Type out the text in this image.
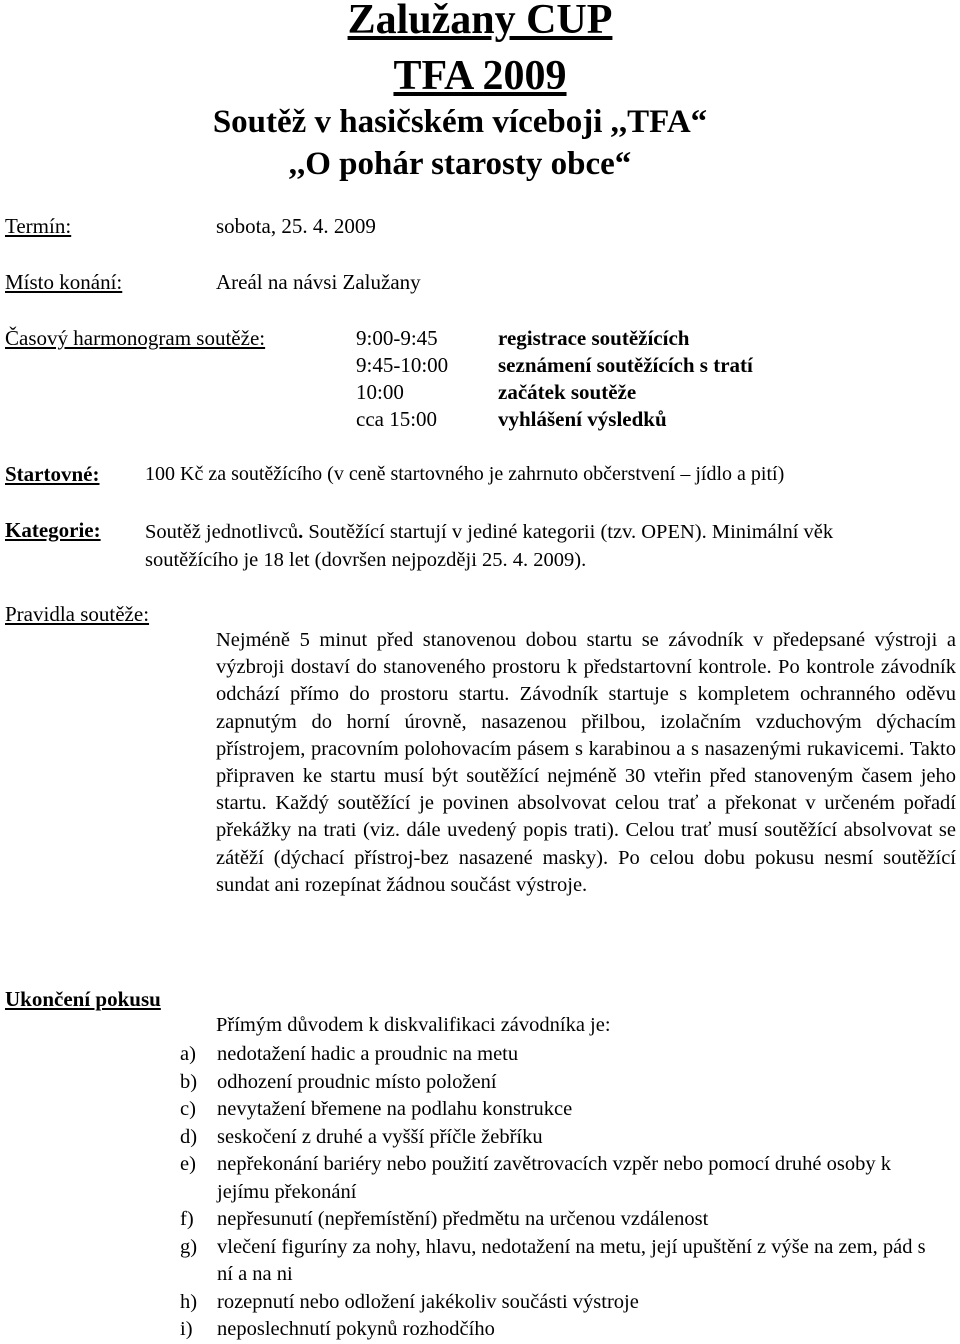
Zalužany CUP
TFA 2009
Soutěž v hasičském víceboji ,,TFA“
,,O pohár starosty obce“
Termín:	sobota, 25. 4. 2009
Místo konání:	Areál na návsi Zalužany
Časový harmonogram soutěže:	9:00-9:45	registrace soutěžících
9:45-10:00 seznámení soutěžících s tratí
10:00	začátek soutěže
cca 15:00	vyhlášení výsledků
Startovné: 100 Kč za soutěžícího (v ceně startovného je zahrnuto občerstvení – jídlo a pití)
Kategorie: Soutěž jednotlivců. Soutěžící startují v jediné kategorii (tzv. OPEN). Minimální věk soutěžícího je 18 let (dovršen nejpozději 25. 4. 2009).
Pravidla soutěže:
Nejméně 5 minut před stanovenou dobou startu se závodník v předepsané výstroji a výzbroji dostaví do stanoveného prostoru k předstartovní kontrole. Po kontrole závodník odchází přímo do prostoru startu. Závodník startuje s kompletem ochranného oděvu zapnutým do horní úrovně, nasazenou přilbou, izolačním vzduchovým dýchacím přístrojem, pracovním polohovacím pásem s karabinou a s nasazenými rukavicemi. Takto připraven ke startu musí být soutěžící nejméně 30 vteřin před stanoveným časem jeho startu. Každý soutěžící je povinen absolvovat celou trať a překonat v určeném pořadí překážky na trati (viz. dále uvedený popis trati). Celou trať musí soutěžící absolvovat se zátěží (dýchací přístroj-bez nasazené masky). Po celou dobu pokusu nesmí soutěžící sundat ani rozepínat žádnou součást výstroje.
Ukončení pokusu
Přímým důvodem k diskvalifikaci závodníka je:
a) nedotažení hadic a proudnic na metu
b) odhození proudnic místo položení
c) nevytažení břemene na podlahu konstrukce
d) seskočení z druhé a vyšší příčle žebříku
e) nepřekonání bariéry nebo použití zavětrovacích vzpěr nebo pomocí druhé osoby k jejímu překonání
f) nepřesunutí (nepřemístění) předmětu na určenou vzdálenost
g) vlečení figuríny za nohy, hlavu, nedotažení na metu, její upuštění z výše na zem, pád s ní a na ni
h) rozepnutí nebo odložení jakékoliv součásti výstroje
i) neposlechnutí pokynů rozhodčího
